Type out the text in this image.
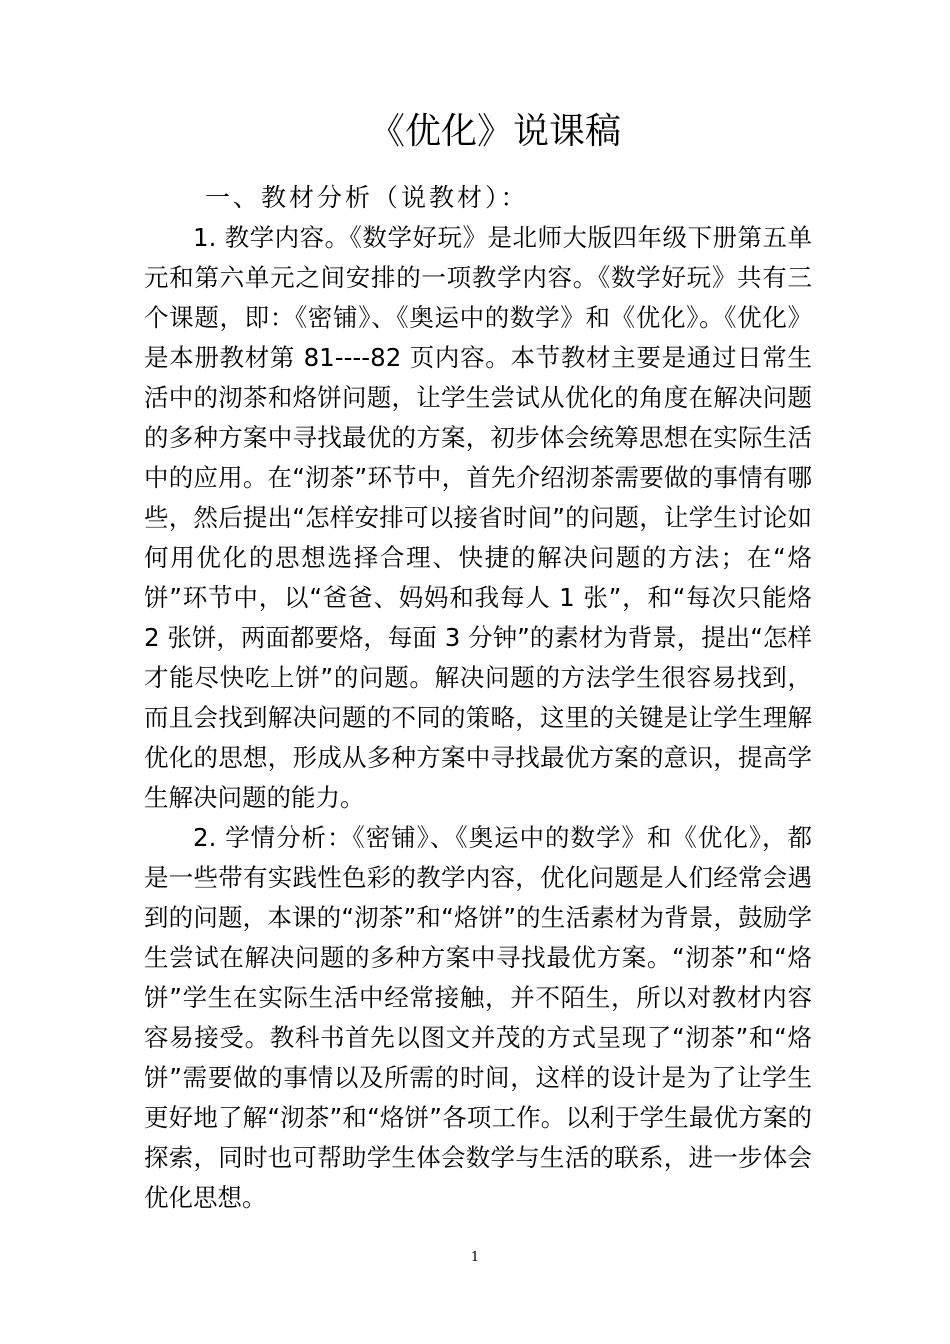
《优化》说课稿
一、教材分析（说教材）：

1. 教学内容。《数学好玩》是北师大版四年级下册第五单元和第六单元之间安排的一项教学内容。《数学好玩》共有三个课题，即：《密铺》、《奥运中的数学》和《优化》。《优化》是本册教材第 81----82 页内容。本节教材主要是通过日常生活中的沏茶和烙饼问题，让学生尝试从优化的角度在解决问题的多种方案中寻找最优的方案，初步体会统筹思想在实际生活中的应用。在“沏茶”环节中，首先介绍沏茶需要做的事情有哪些，然后提出“怎样安排可以接省时间”的问题，让学生讨论如何用优化的思想选择合理、快捷的解决问题的方法；在“烙饼”环节中，以“爸爸、妈妈和我每人 1 张”，和“每次只能烙 2 张饼，两面都要烙，每面 3 分钟”的素材为背景，提出“怎样才能尽快吃上饼”的问题。解决问题的方法学生很容易找到，而且会找到解决问题的不同的策略，这里的关键是让学生理解优化的思想，形成从多种方案中寻找最优方案的意识，提高学生解决问题的能力。

2. 学情分析：《密铺》、《奥运中的数学》和《优化》，都是一些带有实践性色彩的教学内容，优化问题是人们经常会遇到的问题，本课的“沏茶”和“烙饼”的生活素材为背景，鼓励学生尝试在解决问题的多种方案中寻找最优方案。“沏茶”和“烙饼”学生在实际生活中经常接触，并不陌生，所以对教材内容容易接受。教科书首先以图文并茂的方式呈现了“沏茶”和“烙饼”需要做的事情以及所需的时间，这样的设计是为了让学生更好地了解“沏茶”和“烙饼”各项工作。以利于学生最优方案的探索，同时也可帮助学生体会数学与生活的联系，进一步体会优化思想。

1
